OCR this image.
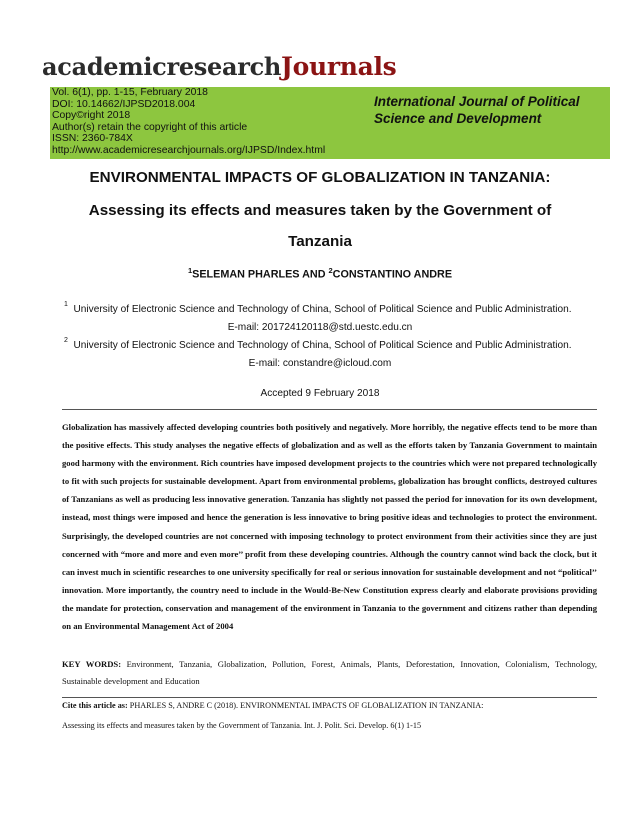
academicresearchJournals
Vol. 6(1), pp. 1-15, February 2018
DOI: 10.14662/IJPSD2018.004
Copy©right 2018
Author(s) retain the copyright of this article
ISSN: 2360-784X
http://www.academicresearchjournals.org/IJPSD/Index.html
International Journal of Political Science and Development
ENVIRONMENTAL IMPACTS OF GLOBALIZATION IN TANZANIA:
Assessing its effects and measures taken by the Government of
Tanzania
$^1$SELEMAN PHARLES AND $^2$CONSTANTINO ANDRE
$^1$ University of Electronic Science and Technology of China, School of Political Science and Public Administration.
E-mail: 201724120118@std.uestc.edu.cn
$^2$ University of Electronic Science and Technology of China, School of Political Science and Public Administration.
E-mail: constandre@icloud.com
Accepted 9 February 2018
Globalization has massively affected developing countries both positively and negatively. More horribly, the negative effects tend to be more than the positive effects. This study analyses the negative effects of globalization and as well as the efforts taken by Tanzania Government to maintain good harmony with the environment. Rich countries have imposed development projects to the countries which were not prepared technologically to fit with such projects for sustainable development. Apart from environmental problems, globalization has brought conflicts, destroyed cultures of Tanzanians as well as producing less innovative generation. Tanzania has slightly not passed the period for innovation for its own development, instead, most things were imposed and hence the generation is less innovative to bring positive ideas and technologies to protect the environment. Surprisingly, the developed countries are not concerned with imposing technology to protect environment from their activities since they are just concerned with “more and more and even more’’ profit from these developing countries. Although the country cannot wind back the clock, but it can invest much in scientific researches to one university specifically for real or serious innovation for sustainable development and not “political’’ innovation. More importantly, the country need to include in the Would-Be-New Constitution express clearly and elaborate provisions providing the mandate for protection, conservation and management of the environment in Tanzania to the government and citizens rather than depending on an Environmental Management Act of 2004
KEY WORDS: Environment, Tanzania, Globalization, Pollution, Forest, Animals, Plants, Deforestation, Innovation, Colonialism, Technology, Sustainable development and Education
Cite this article as: PHARLES S, ANDRE C (2018). ENVIRONMENTAL IMPACTS OF GLOBALIZATION IN TANZANIA:
Assessing its effects and measures taken by the Government of Tanzania. Int. J. Polit. Sci. Develop. 6(1) 1-15
